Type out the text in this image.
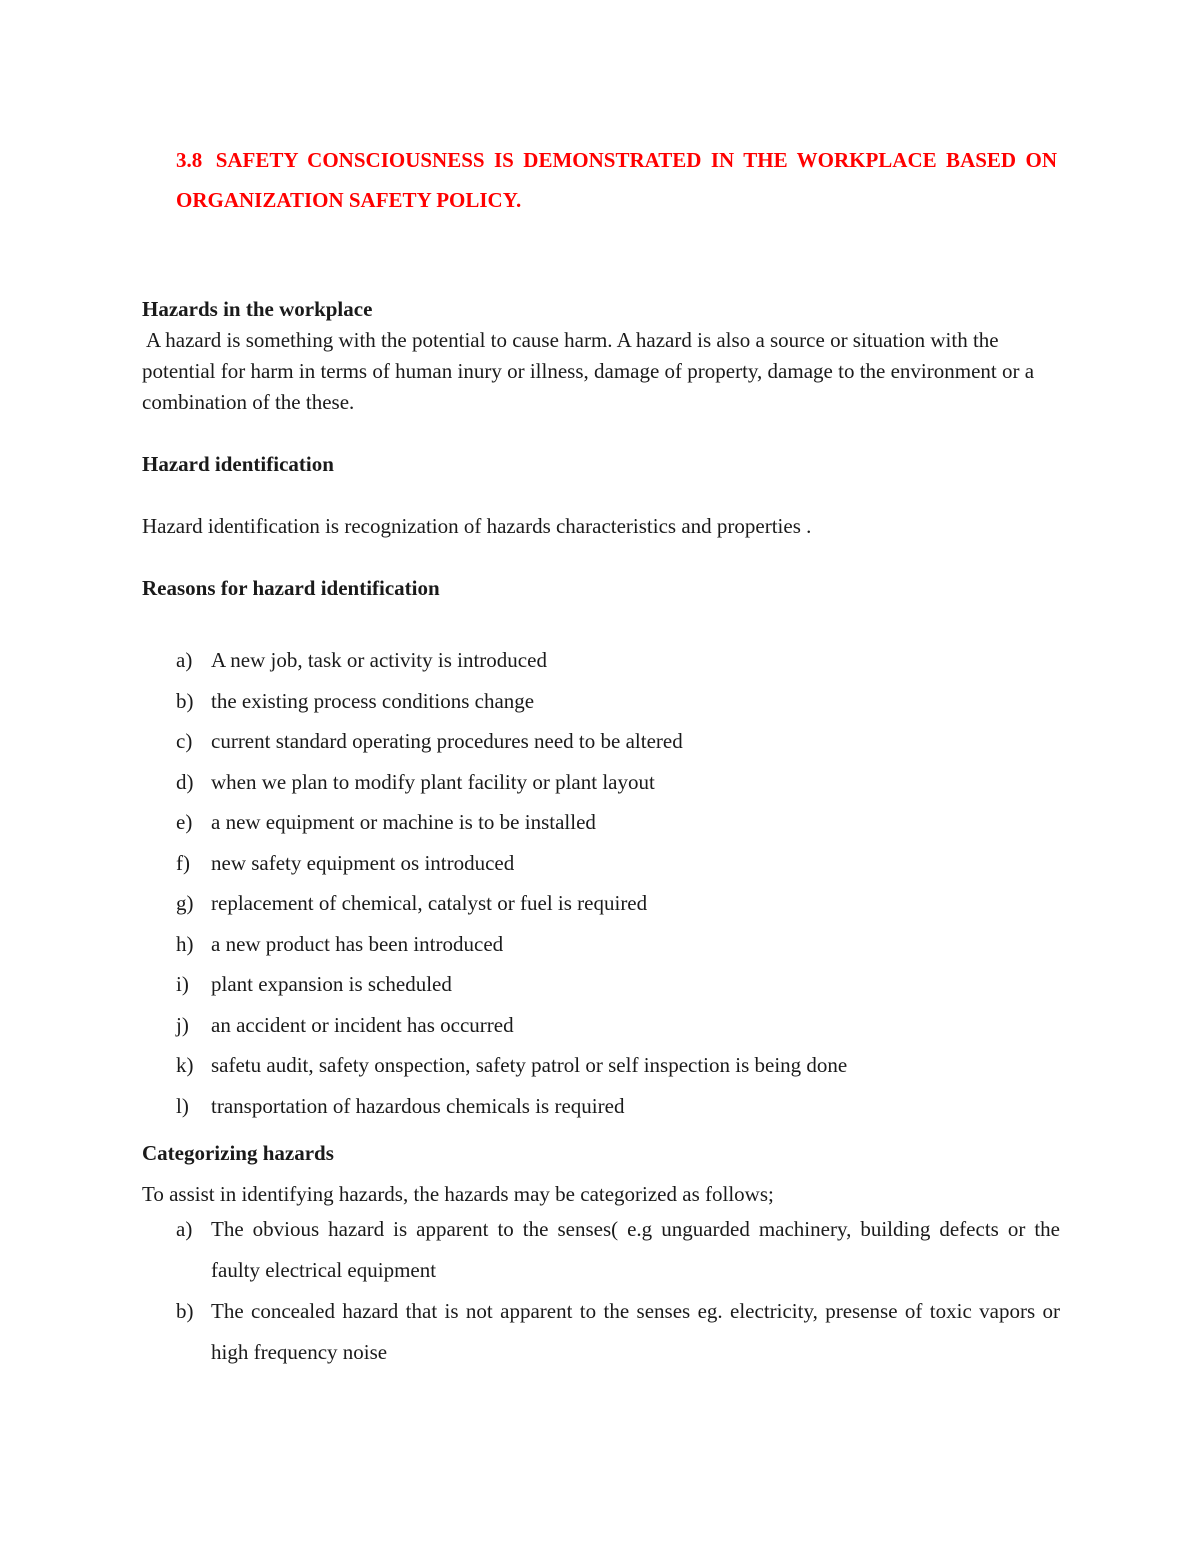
3.8 SAFETY CONSCIOUSNESS IS DEMONSTRATED IN THE WORKPLACE BASED ON ORGANIZATION SAFETY POLICY.
Hazards in the workplace
A hazard is something with the potential to cause harm. A hazard is also a source or situation with the potential for harm in terms of human inury or illness, damage of property, damage to the environment or a combination of the these.
Hazard identification
Hazard identification is recognization of hazards characteristics and properties .
Reasons for hazard identification
a) A new job, task or activity is introduced
b) the existing process conditions change
c) current standard operating procedures need to be altered
d) when we plan to modify plant facility or plant layout
e) a new equipment or machine is to be installed
f)	new safety equipment os introduced
g) replacement of chemical, catalyst or fuel is required
h) a new product has been introduced
i)	plant expansion is scheduled
j)	an accident or incident has occurred
k) safetu audit, safety onspection, safety patrol or self inspection is being done
l)	transportation of hazardous chemicals is required
Categorizing hazards
To assist in identifying hazards, the hazards may be categorized as follows;
a) The obvious hazard is apparent to the senses( e.g unguarded machinery, building defects or the faulty electrical equipment
b) The concealed hazard that is not apparent to the senses eg. electricity, presense of toxic vapors or high frequency noise
